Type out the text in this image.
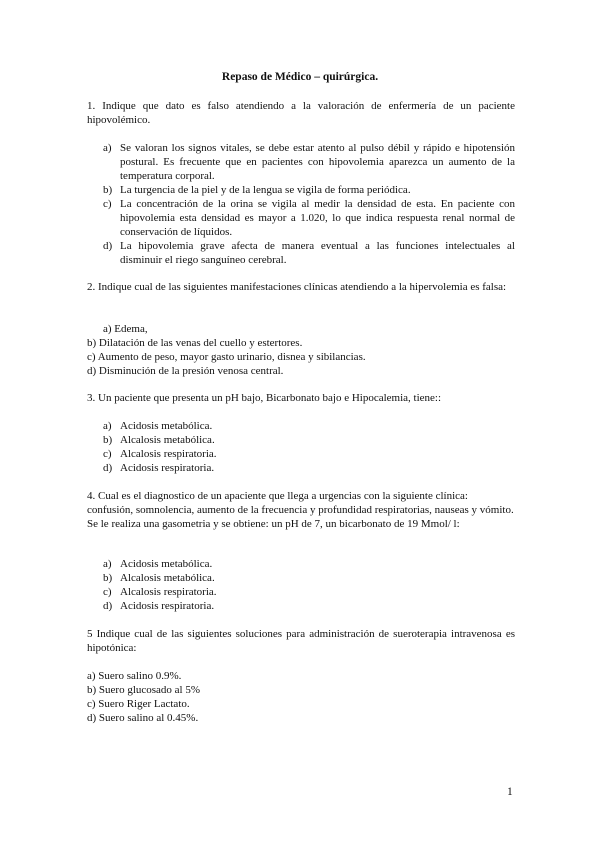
Repaso de Médico – quirúrgica.
1. Indique que dato es falso atendiendo a la valoración de enfermería de un paciente hipovolémico.
a) Se valoran los signos vitales, se debe estar atento al pulso débil y rápido e hipotensión postural. Es frecuente que en pacientes con hipovolemia aparezca un aumento de la temperatura corporal.
b) La turgencia de la piel y de la lengua se vigila de forma periódica.
c) La concentración de la orina se vigila al medir la densidad de esta. En paciente con hipovolemia esta densidad es mayor a 1.020, lo que indica respuesta renal normal de conservación de líquidos.
d) La hipovolemia grave afecta de manera eventual a las funciones intelectuales al disminuir el riego sanguíneo cerebral.
2. Indique cual de las siguientes manifestaciones clínicas atendiendo a la hipervolemia es falsa:
a) Edema,
b) Dilatación de las venas del cuello y estertores.
c) Aumento de peso, mayor gasto urinario, disnea y sibilancias.
d) Disminución de la presión venosa central.
3. Un paciente que presenta un pH bajo, Bicarbonato bajo e Hipocalemia, tiene::
a) Acidosis metabólica.
b) Alcalosis metabólica.
c) Alcalosis respiratoria.
d) Acidosis respiratoria.
4. Cual es el diagnostico de un apaciente que llega a urgencias con la siguiente clínica: confusión, somnolencia, aumento de la frecuencia y profundidad respiratorias, nauseas y vómito. Se le realiza una gasometria y se obtiene: un pH de 7, un bicarbonato de 19 Mmol/ l:
a) Acidosis metabólica.
b) Alcalosis metabólica.
c) Alcalosis respiratoria.
d) Acidosis respiratoria.
5 Indique cual de las siguientes soluciones para administración de sueroterapia intravenosa es hipotónica:
a) Suero salino 0.9%.
b) Suero glucosado al 5%
c) Suero Riger Lactato.
d) Suero salino al 0.45%.
1
